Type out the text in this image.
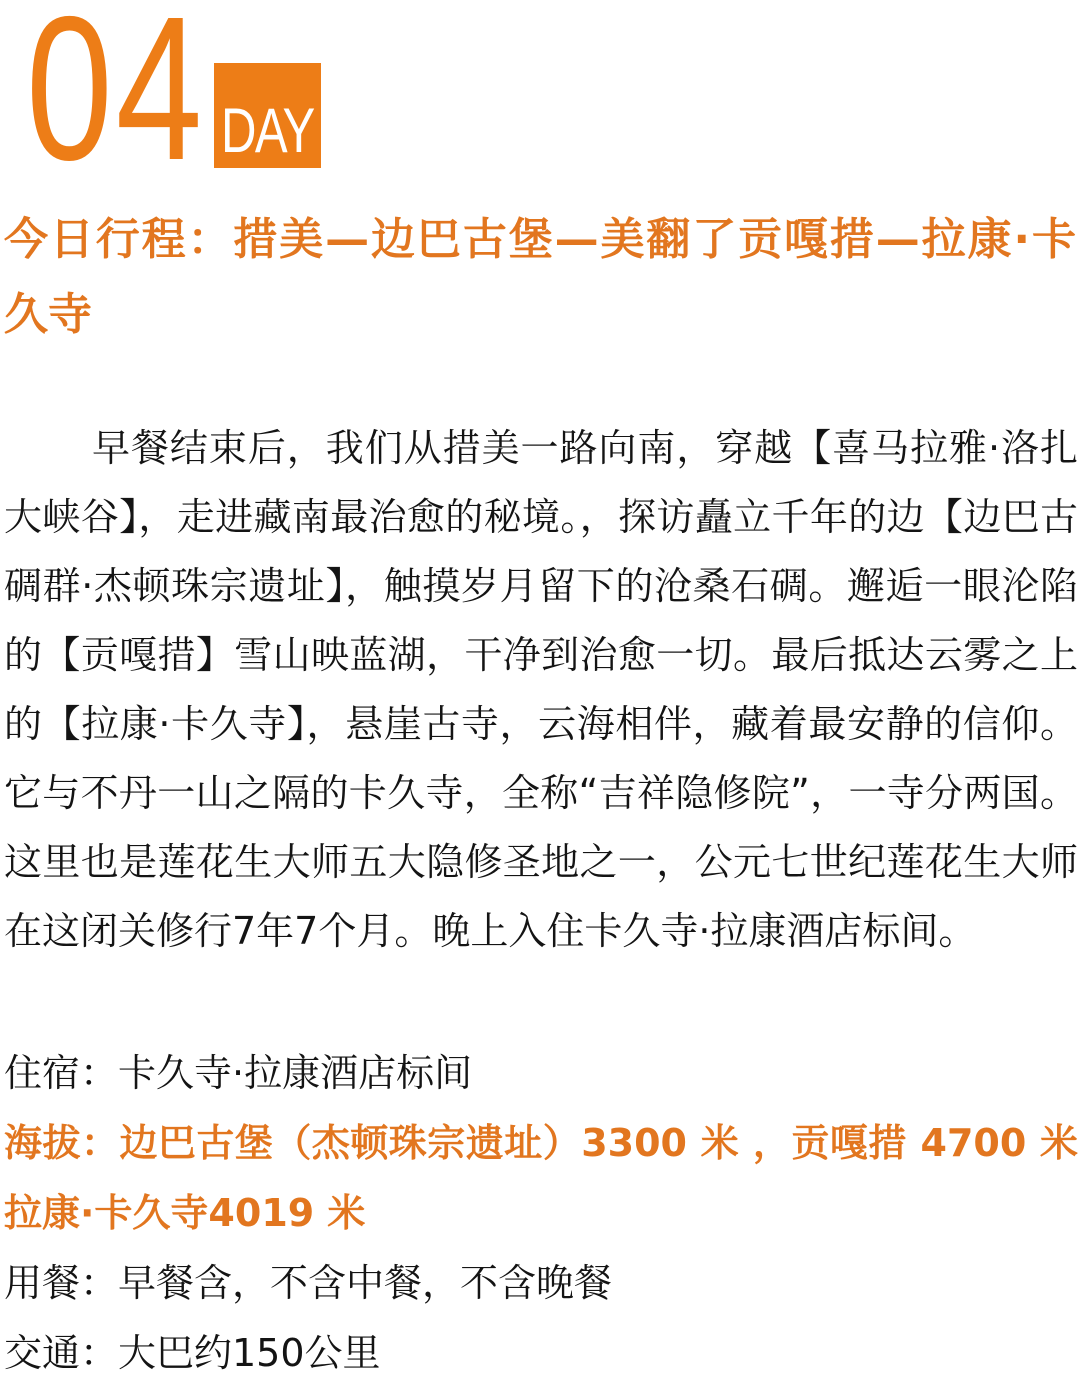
04 DAY
今日行程：措美—边巴古堡—美翻了贡嘎措—拉康·卡久寺

早餐结束后，我们从措美一路向南，穿越【喜马拉雅·洛扎大峡谷】，走进藏南最治愈的秘境。，探访矗立千年的边【边巴古碉群·杰顿珠宗遗址】，触摸岁月留下的沧桑石碉。邂逅一眼沦陷的【贡嘎措】雪山映蓝湖，干净到治愈一切。最后抵达云雾之上的【拉康·卡久寺】，悬崖古寺，云海相伴，藏着最安静的信仰。它与不丹一山之隔的卡久寺，全称“吉祥隐修院”，一寺分两国。这里也是莲花生大师五大隐修圣地之一，公元七世纪莲花生大师在这闭关修行7年7个月。晚上入住卡久寺·拉康酒店标间。

住宿：卡久寺·拉康酒店标间

海拔：边巴古堡（杰顿珠宗遗址）3300 米 ，贡嘎措 4700 米 拉康·卡久寺4019 米

用餐：早餐含，不含中餐，不含晚餐

交通：大巴约150公里
